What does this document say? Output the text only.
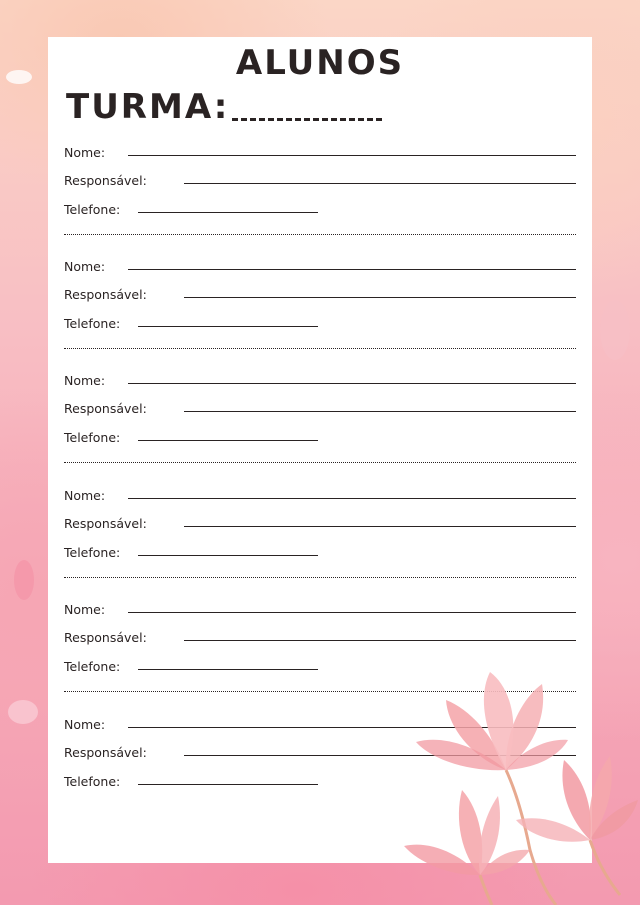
ALUNOS
TURMA:
Nome:
Responsável:
Telefone:
Nome:
Responsável:
Telefone:
Nome:
Responsável:
Telefone:
Nome:
Responsável:
Telefone:
Nome:
Responsável:
Telefone:
Nome:
Responsável:
Telefone:
